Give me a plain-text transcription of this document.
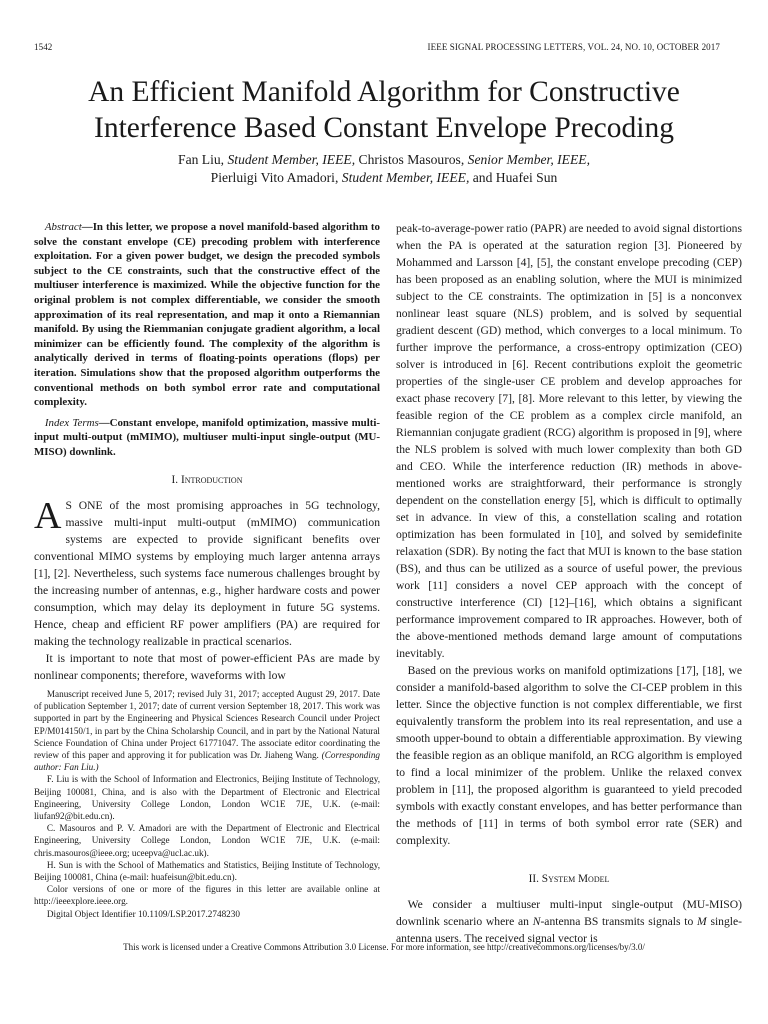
1542	IEEE SIGNAL PROCESSING LETTERS, VOL. 24, NO. 10, OCTOBER 2017
An Efficient Manifold Algorithm for Constructive
Interference Based Constant Envelope Precoding
Fan Liu, Student Member, IEEE, Christos Masouros, Senior Member, IEEE,
Pierluigi Vito Amadori, Student Member, IEEE, and Huafei Sun

Abstract—In this letter, we propose a novel manifold-based algorithm to solve the constant envelope (CE) precoding problem with interference exploitation. For a given power budget, we design the precoded symbols subject to the CE constraints, such that the constructive effect of the multiuser interference is maximized. While the objective function for the original problem is not complex differentiable, we consider the smooth approximation of its real representation, and map it onto a Riemannian manifold. By using the Riemmanian conjugate gradient algorithm, a local minimizer can be efficiently found. The complexity of the algorithm is analytically derived in terms of floating-points operations (flops) per iteration. Simulations show that the proposed algorithm outperforms the conventional methods on both symbol error rate and computational complexity.

Index Terms—Constant envelope, manifold optimization, massive multi-input multi-output (mMIMO), multiuser multi-input single-output (MU-MISO) downlink.

I. Introduction

A S ONE of the most promising approaches in 5G technology, massive multi-input multi-output (mMIMO) communication systems are expected to provide significant benefits over conventional MIMO systems by employing much larger antenna arrays [1], [2]. Nevertheless, such systems face numerous challenges brought by the increasing number of antennas, e.g., higher hardware costs and power consumption, which may delay its deployment in future 5G systems. Hence, cheap and efficient RF power amplifiers (PA) are required for making the technology realizable in practical scenarios.

It is important to note that most of power-efficient PAs are made by nonlinear components; therefore, waveforms with low

Manuscript received June 5, 2017; revised July 31, 2017; accepted August 29, 2017. Date of publication September 1, 2017; date of current version September 18, 2017. This work was supported in part by the Engineering and Physical Sciences Research Council under Project EP/M014150/1, in part by the China Scholarship Council, and in part by the National Natural Science Foundation of China under Project 61771047. The associate editor coordinating the review of this paper and approving it for publication was Dr. Jiaheng Wang. (Corresponding author: Fan Liu.)

F. Liu is with the School of Information and Electronics, Beijing Institute of Technology, Beijing 100081, China, and is also with the Department of Electronic and Electrical Engineering, University College London, London WC1E 7JE, U.K. (e-mail: liufan92@bit.edu.cn).

C. Masouros and P. V. Amadori are with the Department of Electronic and Electrical Engineering, University College London, London WC1E 7JE, U.K. (e-mail: chris.masouros@ieee.org; uceepva@ucl.ac.uk).

H. Sun is with the School of Mathematics and Statistics, Beijing Institute of Technology, Beijing 100081, China (e-mail: huafeisun@bit.edu.cn).

Color versions of one or more of the figures in this letter are available online at http://ieeexplore.ieee.org.

Digital Object Identifier 10.1109/LSP.2017.2748230

peak-to-average-power ratio (PAPR) are needed to avoid signal distortions when the PA is operated at the saturation region [3]. Pioneered by Mohammed and Larsson [4], [5], the constant envelope precoding (CEP) has been proposed as an enabling solution, where the MUI is minimized subject to the CE constraints. The optimization in [5] is a nonconvex nonlinear least square (NLS) problem, and is solved by sequential gradient descent (GD) method, which converges to a local minimum. To further improve the performance, a cross-entropy optimization (CEO) solver is introduced in [6]. Recent contributions exploit the geometric properties of the single-user CE problem and develop approaches for exact phase recovery [7], [8]. More relevant to this letter, by viewing the feasible region of the CE problem as a complex circle manifold, an Riemannian conjugate gradient (RCG) algorithm is proposed in [9], where the NLS problem is solved with much lower complexity than both GD and CEO. While the interference reduction (IR) methods in above-mentioned works are straightforward, their performance is strongly dependent on the constellation energy [5], which is difficult to optimally set in advance. In view of this, a constellation scaling and rotation optimization has been formulated in [10], and solved by semidefinite relaxation (SDR). By noting the fact that MUI is known to the base station (BS), and thus can be utilized as a source of useful power, the previous work [11] considers a novel CEP approach with the concept of constructive interference (CI) [12]–[16], which obtains a significant performance improvement compared to IR approaches. However, both of the above-mentioned methods demand large amount of computations inevitably.

Based on the previous works on manifold optimizations [17], [18], we consider a manifold-based algorithm to solve the CI-CEP problem in this letter. Since the objective function is not complex differentiable, we first equivalently transform the problem into its real representation, and use a smooth upper-bound to obtain a differentiable approximation. By viewing the feasible region as an oblique manifold, an RCG algorithm is employed to find a local minimizer of the problem. Unlike the relaxed convex problem in [11], the proposed algorithm is guaranteed to yield precoded symbols with exactly constant envelopes, and has better performance than the methods of [11] in terms of both symbol error rate (SER) and complexity.

II. System Model

We consider a multiuser multi-input single-output (MU-MISO) downlink scenario where an N-antenna BS transmits signals to M single-antenna users. The received signal vector is

This work is licensed under a Creative Commons Attribution 3.0 License. For more information, see http://creativecommons.org/licenses/by/3.0/
